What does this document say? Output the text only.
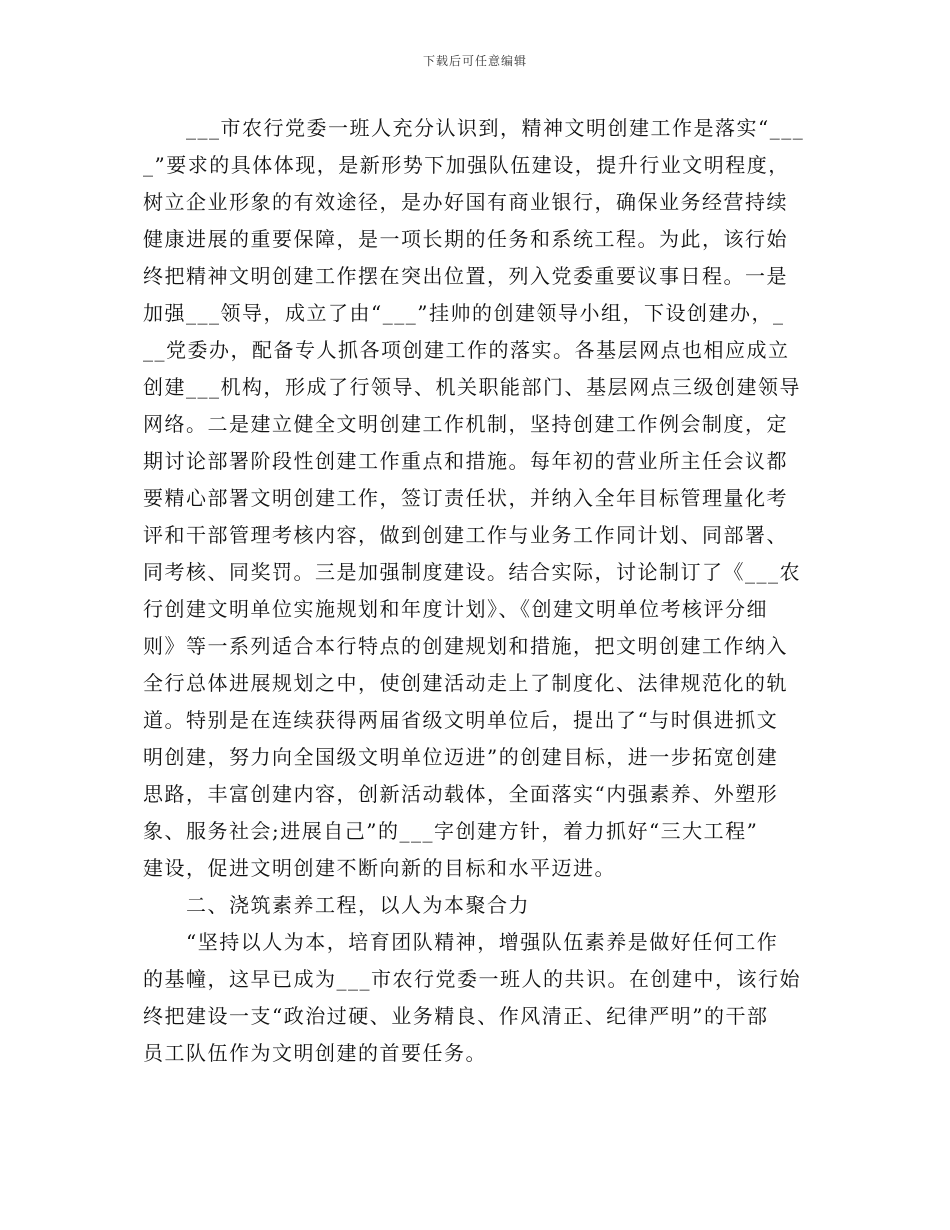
下载后可任意编辑
　　___市农行党委一班人充分认识到，精神文明创建工作是落实“___
_”要求的具体体现，是新形势下加强队伍建设，提升行业文明程度，
树立企业形象的有效途径，是办好国有商业银行，确保业务经营持续
健康进展的重要保障，是一项长期的任务和系统工程。为此，该行始
终把精神文明创建工作摆在突出位置，列入党委重要议事日程。一是
加强___领导，成立了由“___”挂帅的创建领导小组，下设创建办，_
__党委办，配备专人抓各项创建工作的落实。各基层网点也相应成立
创建___机构，形成了行领导、机关职能部门、基层网点三级创建领导
网络。二是建立健全文明创建工作机制，坚持创建工作例会制度，定
期讨论部署阶段性创建工作重点和措施。每年初的营业所主任会议都
要精心部署文明创建工作，签订责任状，并纳入全年目标管理量化考
评和干部管理考核内容，做到创建工作与业务工作同计划、同部署、
同考核、同奖罚。三是加强制度建设。结合实际，讨论制订了《___农
行创建文明单位实施规划和年度计划》、《创建文明单位考核评分细
则》等一系列适合本行特点的创建规划和措施，把文明创建工作纳入
全行总体进展规划之中，使创建活动走上了制度化、法律规范化的轨
道。特别是在连续获得两届省级文明单位后，提出了“与时俱进抓文
明创建，努力向全国级文明单位迈进”的创建目标，进一步拓宽创建
思路，丰富创建内容，创新活动载体，全面落实“内强素养、外塑形
象、服务社会;进展自己”的___字创建方针，着力抓好“三大工程”
建设，促进文明创建不断向新的目标和水平迈进。
　　二、浇筑素养工程，以人为本聚合力
　　“坚持以人为本，培育团队精神，增强队伍素养是做好任何工作
的基幢，这早已成为___市农行党委一班人的共识。在创建中，该行始
终把建设一支“政治过硬、业务精良、作风清正、纪律严明”的干部
员工队伍作为文明创建的首要任务。
